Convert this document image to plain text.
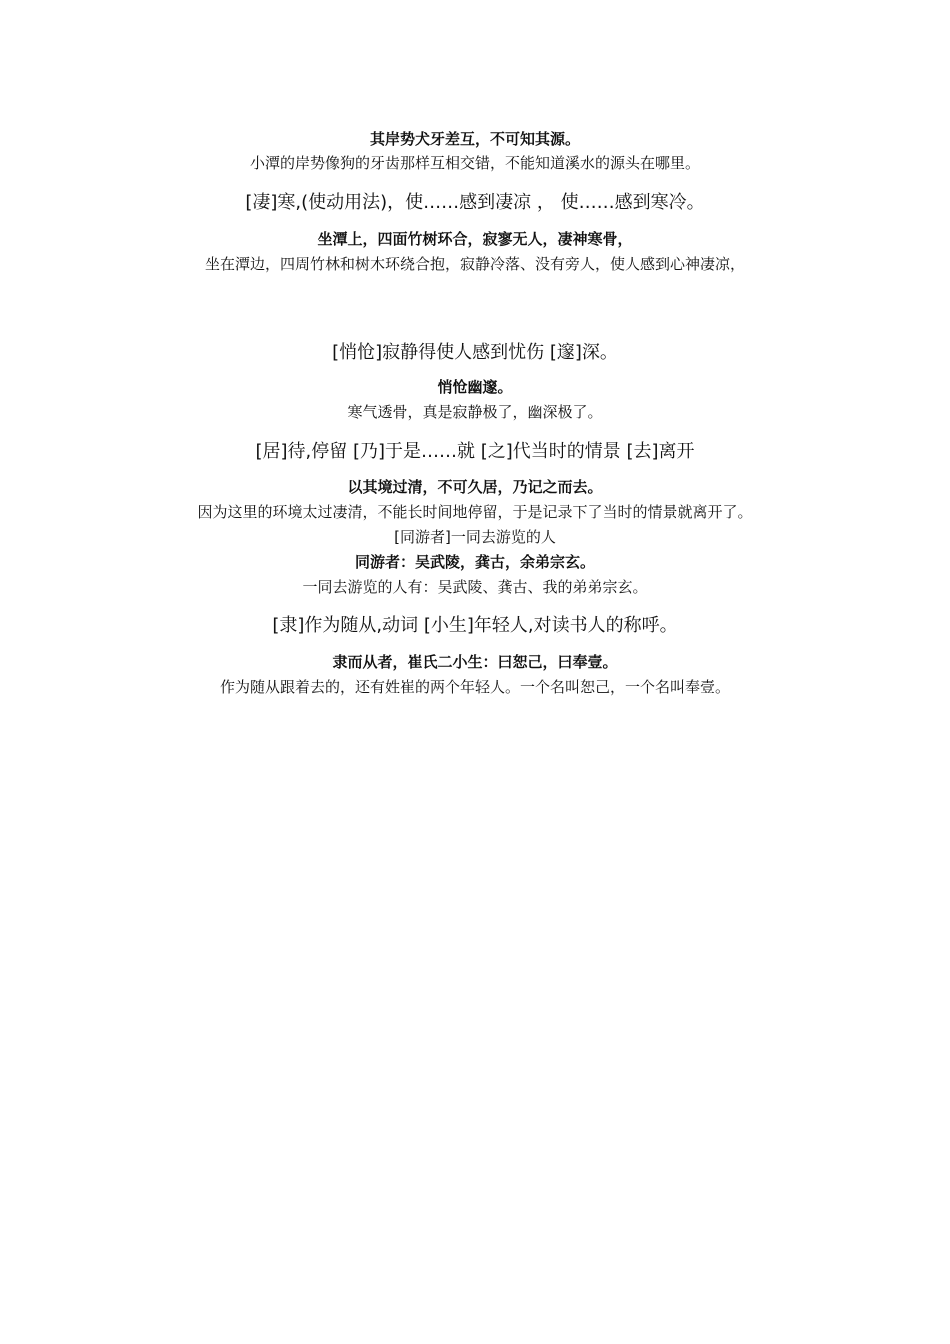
其岸势犬牙差互，不可知其源。
小潭的岸势像狗的牙齿那样互相交错，不能知道溪水的源头在哪里。
[凄]寒,(使动用法)，使……感到凄凉 ， 使……感到寒冷。
坐潭上，四面竹树环合，寂寥无人，凄神寒骨，
坐在潭边，四周竹林和树木环绕合抱，寂静冷落、没有旁人，使人感到心神凄凉，
[悄怆]寂静得使人感到忧伤 [邃]深。
悄怆幽邃。
寒气透骨，真是寂静极了，幽深极了。
[居]待,停留 [乃]于是……就 [之]代当时的情景 [去]离开
以其境过清，不可久居，乃记之而去。
因为这里的环境太过凄清，不能长时间地停留，于是记录下了当时的情景就离开了。
[同游者]一同去游览的人
同游者：吴武陵，龚古，余弟宗玄。
一同去游览的人有：吴武陵、龚古、我的弟弟宗玄。
[隶]作为随从,动词 [小生]年轻人,对读书人的称呼。
隶而从者，崔氏二小生：曰恕己，曰奉壹。
作为随从跟着去的，还有姓崔的两个年轻人。一个名叫恕己，一个名叫奉壹。
